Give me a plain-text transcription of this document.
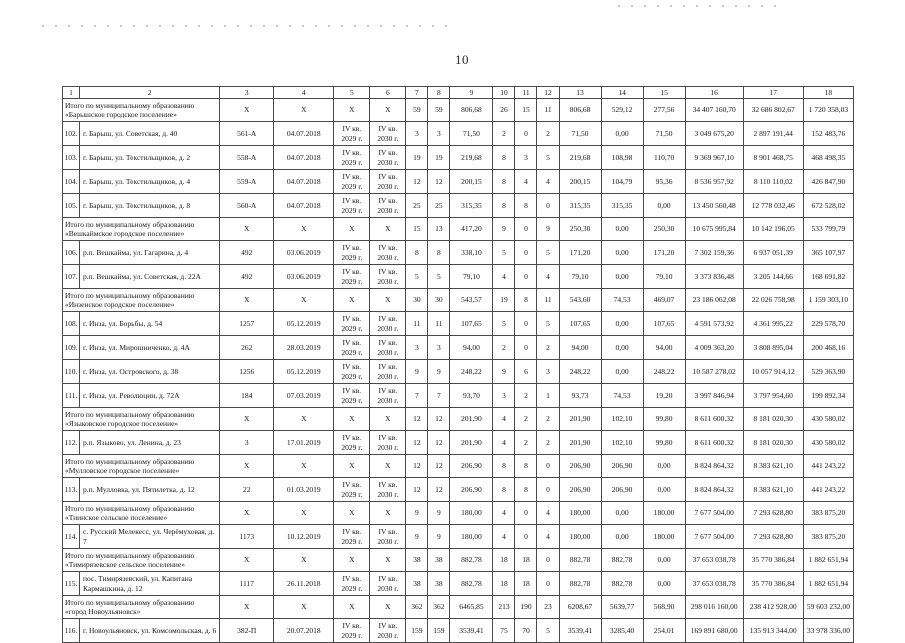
10
1	2	3	4	5	6	7	8	9	10	11	12	13	14	15	16	17	18
Итого по муниципальному образованию «Барышское городское поселение»		X	X	X	X	59	59	806,68	26	15	11	806,68	529,12	277,56	34 407 160,70	32 686 802,67	1 720 358,03
102.	г. Барыш, ул. Советская, д. 40	561-А	04.07.2018	IV кв. 2029 г.	IV кв. 2030 г.	3	3	71,50	2	0	2	71,50	0,00	71,50	3 049 675,20	2 897 191,44	152 483,76
103.	г. Барыш, ул. Текстильщиков, д. 2	558-А	04.07.2018	IV кв. 2029 г.	IV кв. 2030 г.	19	19	219,68	8	3	5	219,68	108,98	110,70	9 369 967,10	8 901 468,75	468 498,35
104.	г. Барыш, ул. Текстильщиков, д. 4	559-А	04.07.2018	IV кв. 2029 г.	IV кв. 2030 г.	12	12	200,15	8	4	4	200,15	104,79	95,36	8 536 957,92	8 110 110,02	426 847,90
105.	г. Барыш, ул. Текстильщиков, д. 8	560-А	04.07.2018	IV кв. 2029 г.	IV кв. 2030 г.	25	25	315,35	8	8	0	315,35	315,35	0,00	13 450 560,48	12 778 032,46	672 528,02
Итого по муниципальному образованию «Вешкаймское городское поселение»		X	X	X	X	15	13	417,20	9	0	9	250,30	0,00	250,30	10 675 995,84	10 142 196,05	533 799,79
106.	р.п. Вешкайма, ул. Гагарина, д. 4	492	03.06.2019	IV кв. 2029 г.	IV кв. 2030 г.	8	8	338,10	5	0	5	171,20	0,00	171,20	7 302 159,36	6 937 051,39	365 107,97
107.	р.п. Вешкайма, ул. Советская, д. 22А	492	03.06.2019	IV кв. 2029 г.	IV кв. 2030 г.	5	5	79,10	4	0	4	79,10	0,00	79,10	3 373 836,48	3 205 144,66	168 691,82
Итого по муниципальному образованию «Инзенское городское поселение»		X	X	X	X	30	30	543,57	19	8	11	543,60	74,53	469,07	23 186 062,08	22 026 758,98	1 159 303,10
108.	г. Инза, ул. Борьбы, д. 54	1257	05.12.2019	IV кв. 2029 г.	IV кв. 2030 г.	11	11	107,65	5	0	5	107,65	0,00	107,65	4 591 573,92	4 361 995,22	229 578,70
109.	г. Инза, ул. Мирошниченко, д. 4А	262	28.03.2019	IV кв. 2029 г.	IV кв. 2030 г.	3	3	94,00	2	0	2	94,00	0,00	94,00	4 009 363,20	3 808 895,04	200 468,16
110.	г. Инза, ул. Островского, д. 38	1256	05.12.2019	IV кв. 2029 г.	IV кв. 2030 г.	9	9	248,22	9	6	3	248,22	0,00	248,22	10 587 278,02	10 057 914,12	529 363,90
111.	г. Инза, ул. Революции, д. 72А	184	07.03.2019	IV кв. 2029 г.	IV кв. 2030 г.	7	7	93,70	3	2	1	93,73	74,53	19,20	3 997 846,94	3 797 954,60	199 892,34
Итого по муниципальному образованию «Языковское городское поселение»		X	X	X	X	12	12	201,90	4	2	2	201,90	102,10	99,80	8 611 600,32	8 181 020,30	430 580,02
112.	р.п. Языково, ул. Ленина, д. 23	3	17.01.2019	IV кв. 2029 г.	IV кв. 2030 г.	12	12	201,90	4	2	2	201,90	102,10	99,80	8 611 600,32	8 181 020,30	430 580,02
Итого по муниципальному образованию «Мулловское городское поселение»		X	X	X	X	12	12	206,90	8	8	0	206,90	206,90	0,00	8 824 864,32	8 383 621,10	441 243,22
113.	р.п. Мулловка, ул. Пятилетка, д. 12	22	01.03.2019	IV кв. 2029 г.	IV кв. 2030 г.	12	12	206,90	8	8	0	206,90	206,90	0,00	8 824 864,32	8 383 621,10	441 243,22
Итого по муниципальному образованию «Тиинское сельское поселение»		X	X	X	X	9	9	180,00	4	0	4	180,00	0,00	180,00	7 677 504,00	7 293 628,80	383 875,20
114.	с. Русский Мелекесс, ул. Черёмуховая, д. 7	1173	10.12.2019	IV кв. 2029 г.	IV кв. 2030 г.	9	9	180,00	4	0	4	180,00	0,00	180,00	7 677 504,00	7 293 628,80	383 875,20
Итого по муниципальному образованию «Тимирязевское сельское поселение»		X	X	X	X	38	38	882,78	18	18	0	882,78	882,78	0,00	37 653 038,78	35 770 386,84	1 882 651,94
115.	пос. Тимирязевский, ул. Капитана Кармашкина, д. 12	1117	26.11.2018	IV кв. 2029 г.	IV кв. 2030 г.	38	38	882,78	18	18	0	882,78	882,78	0,00	37 653 038,78	35 770 386,84	1 882 651,94
Итого по муниципальному образованию «город Новоульяновск»		X	X	X	X	362	362	6465,85	213	190	23	6208,67	5639,77	568,90	298 016 160,00	238 412 928,00	59 603 232,00
116.	г. Новоульяновск, ул. Комсомольская, д. 6	382-П	20.07.2018	IV кв. 2029 г.	IV кв. 2030 г.	159	159	3539,41	75	70	5	3539,41	3285,40	254,01	169 891 680,00	135 913 344,00	33 978 336,00
